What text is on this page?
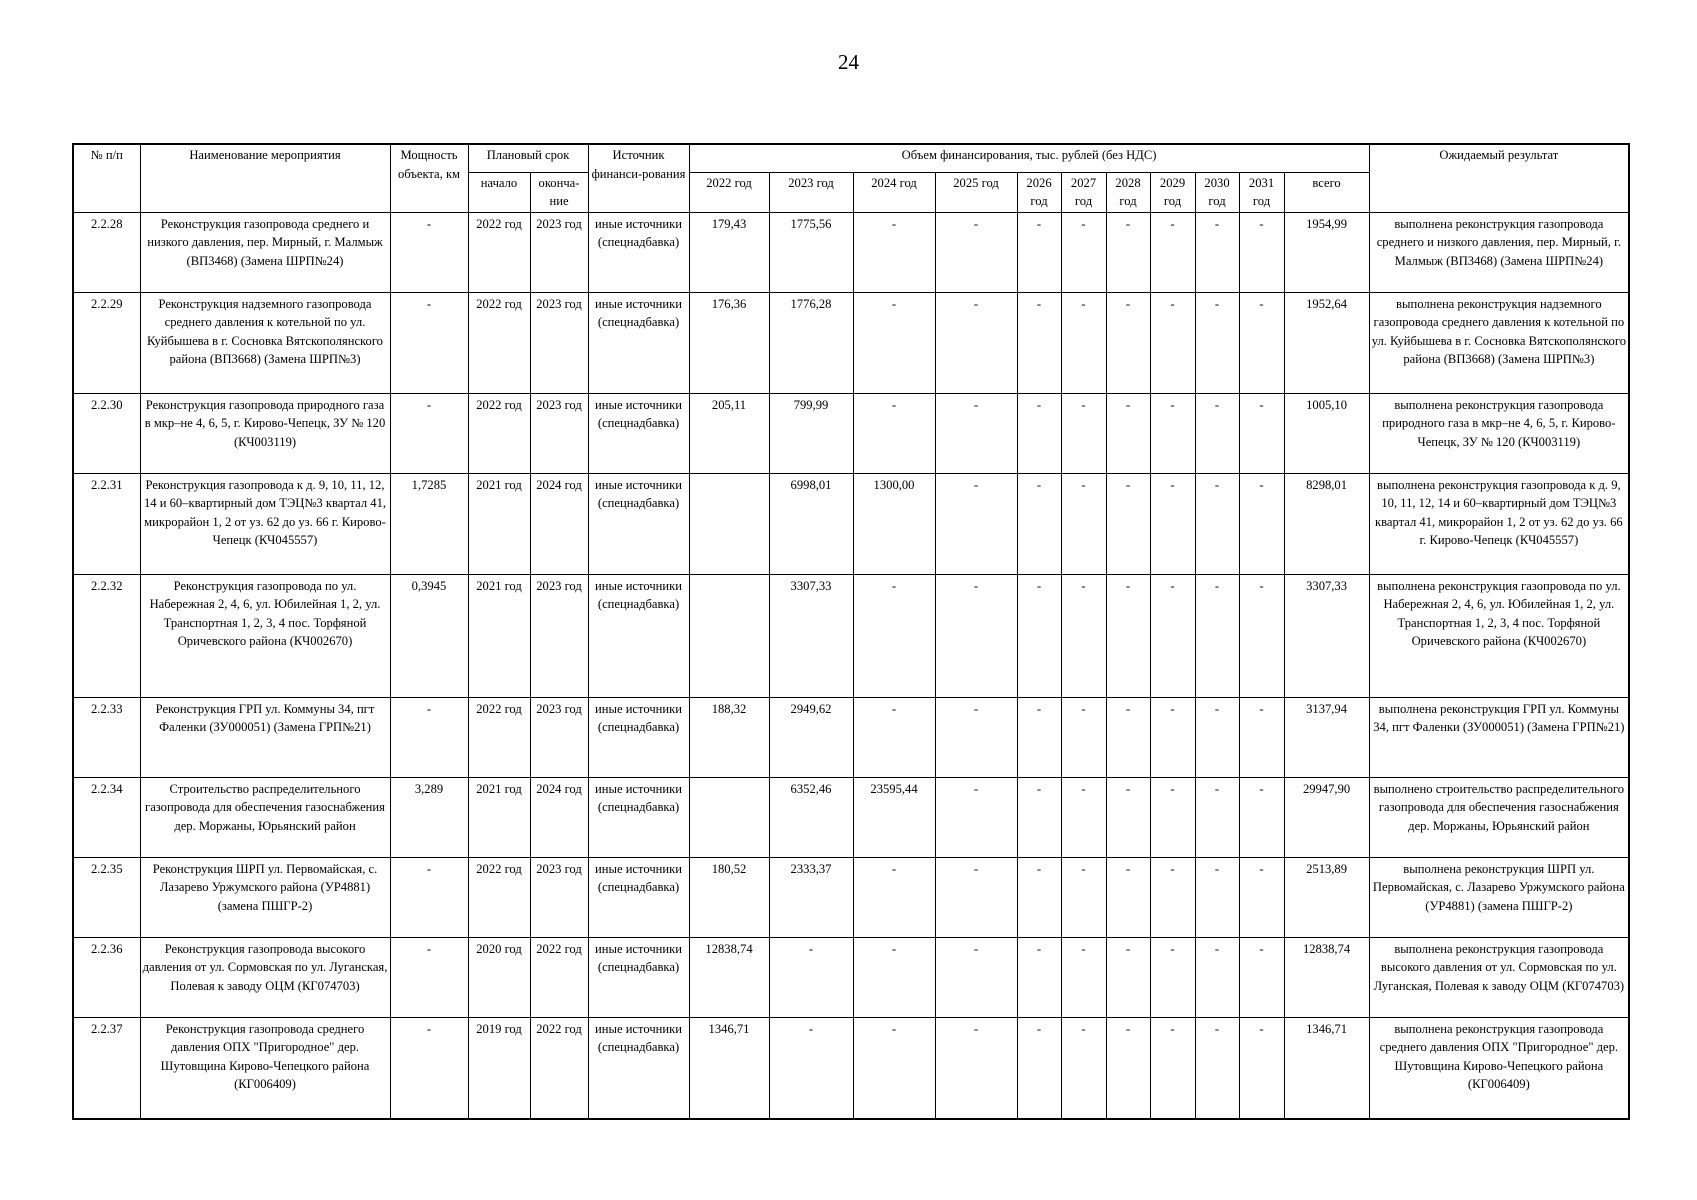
24
№ п/п	Наименование мероприятия	Мощность объекта, км	Плановый срок		Источник финанси-рования	Объем финансирования, тыс. рублей (без НДС)											Ожидаемый результат
			начало	оконча-ние		2022 год	2023 год	2024 год	2025 год	2026 год	2027 год	2028 год	2029 год	2030 год	2031 год	всего	
2.2.28	Реконструкция газопровода среднего и низкого давления, пер. Мирный, г. Малмыж (ВП3468) (Замена ШРП№24)	-	2022 год	2023 год	иные источники (спецнадбавка)	179,43	1775,56	-	-	-	-	-	-	-	-	1954,99	выполнена реконструкция газопровода среднего и низкого давления, пер. Мирный, г. Малмыж (ВП3468) (Замена ШРП№24)
2.2.29	Реконструкция надземного газопровода среднего давления к котельной по ул. Куйбышева в г. Сосновка Вятскополянского района (ВП3668) (Замена ШРП№3)	-	2022 год	2023 год	иные источники (спецнадбавка)	176,36	1776,28	-	-	-	-	-	-	-	-	1952,64	выполнена реконструкция надземного газопровода среднего давления к котельной по ул. Куйбышева в г. Сосновка Вятскополянского района (ВП3668) (Замена ШРП№3)
2.2.30	Реконструкция газопровода природного газа в мкр–не 4, 6, 5, г. Кирово-Чепецк, ЗУ № 120 (КЧ003119)	-	2022 год	2023 год	иные источники (спецнадбавка)	205,11	799,99	-	-	-	-	-	-	-	-	1005,10	выполнена реконструкция газопровода природного газа в мкр–не 4, 6, 5, г. Кирово-Чепецк, ЗУ № 120 (КЧ003119)
2.2.31	Реконструкция газопровода к д. 9, 10, 11, 12, 14 и 60–квартирный дом ТЭЦ№3 квартал 41, микрорайон 1, 2 от уз. 62 до уз. 66 г. Кирово-Чепецк (КЧ045557)	1,7285	2021 год	2024 год	иные источники (спецнадбавка)		6998,01	1300,00	-	-	-	-	-	-	-	8298,01	выполнена реконструкция газопровода к д. 9, 10, 11, 12, 14 и 60–квартирный дом ТЭЦ№3 квартал 41, микрорайон 1, 2 от уз. 62 до уз. 66 г. Кирово-Чепецк (КЧ045557)
2.2.32	Реконструкция газопровода по ул. Набережная 2, 4, 6, ул. Юбилейная 1, 2, ул. Транспортная 1, 2, 3, 4 пос. Торфяной Оричевского района (КЧ002670)	0,3945	2021 год	2023 год	иные источники (спецнадбавка)		3307,33	-	-	-	-	-	-	-	-	3307,33	выполнена реконструкция газопровода по ул. Набережная 2, 4, 6, ул. Юбилейная 1, 2, ул. Транспортная 1, 2, 3, 4 пос. Торфяной Оричевского района (КЧ002670)
2.2.33	Реконструкция ГРП ул. Коммуны 34, пгт Фаленки (ЗУ000051) (Замена ГРП№21)	-	2022 год	2023 год	иные источники (спецнадбавка)	188,32	2949,62	-	-	-	-	-	-	-	-	3137,94	выполнена реконструкция ГРП ул. Коммуны 34, пгт Фаленки (ЗУ000051) (Замена ГРП№21)
2.2.34	Строительство распределительного газопровода для обеспечения газоснабжения дер. Моржаны, Юрьянский район	3,289	2021 год	2024 год	иные источники (спецнадбавка)		6352,46	23595,44	-	-	-	-	-	-	-	29947,90	выполнено строительство распределительного газопровода для обеспечения газоснабжения дер. Моржаны, Юрьянский район
2.2.35	Реконструкция ШРП ул. Первомайская, с. Лазарево Уржумского района (УР4881) (замена ПШГР-2)	-	2022 год	2023 год	иные источники (спецнадбавка)	180,52	2333,37	-	-	-	-	-	-	-	-	2513,89	выполнена реконструкция ШРП ул. Первомайская, с. Лазарево Уржумского района (УР4881) (замена ПШГР-2)
2.2.36	Реконструкция газопровода высокого давления от ул. Сормовская по ул. Луганская, Полевая к заводу ОЦМ (КГ074703)	-	2020 год	2022 год	иные источники (спецнадбавка)	12838,74	-	-	-	-	-	-	-	-	-	12838,74	выполнена реконструкция газопровода высокого давления от ул. Сормовская по ул. Луганская, Полевая к заводу ОЦМ (КГ074703)
2.2.37	Реконструкция газопровода среднего давления ОПХ "Пригородное" дер. Шутовщина Кирово-Чепецкого района (КГ006409)	-	2019 год	2022 год	иные источники (спецнадбавка)	1346,71	-	-	-	-	-	-	-	-	-	1346,71	выполнена реконструкция газопровода среднего давления ОПХ "Пригородное" дер. Шутовщина Кирово-Чепецкого района (КГ006409)
